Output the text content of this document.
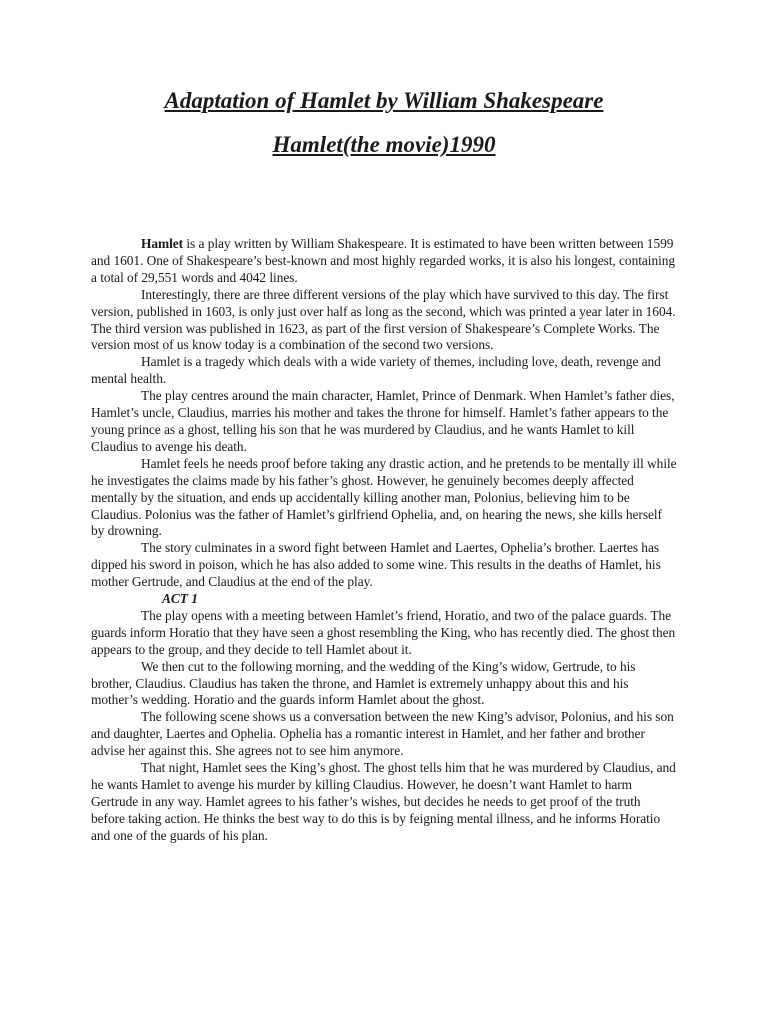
Adaptation of Hamlet by William Shakespeare
Hamlet(the movie)1990

Hamlet is a play written by William Shakespeare. It is estimated to have been written between 1599 and 1601. One of Shakespeare’s best-known and most highly regarded works, it is also his longest, containing a total of 29,551 words and 4042 lines.

Interestingly, there are three different versions of the play which have survived to this day. The first version, published in 1603, is only just over half as long as the second, which was printed a year later in 1604. The third version was published in 1623, as part of the first version of Shakespeare’s Complete Works. The version most of us know today is a combination of the second two versions.

Hamlet is a tragedy which deals with a wide variety of themes, including love, death, revenge and mental health.

The play centres around the main character, Hamlet, Prince of Denmark. When Hamlet’s father dies, Hamlet’s uncle, Claudius, marries his mother and takes the throne for himself. Hamlet’s father appears to the young prince as a ghost, telling his son that he was murdered by Claudius, and he wants Hamlet to kill Claudius to avenge his death.

Hamlet feels he needs proof before taking any drastic action, and he pretends to be mentally ill while he investigates the claims made by his father’s ghost. However, he genuinely becomes deeply affected mentally by the situation, and ends up accidentally killing another man, Polonius, believing him to be Claudius. Polonius was the father of Hamlet’s girlfriend Ophelia, and, on hearing the news, she kills herself by drowning.

The story culminates in a sword fight between Hamlet and Laertes, Ophelia’s brother. Laertes has dipped his sword in poison, which he has also added to some wine. This results in the deaths of Hamlet, his mother Gertrude, and Claudius at the end of the play.

ACT 1

The play opens with a meeting between Hamlet’s friend, Horatio, and two of the palace guards. The guards inform Horatio that they have seen a ghost resembling the King, who has recently died. The ghost then appears to the group, and they decide to tell Hamlet about it.

We then cut to the following morning, and the wedding of the King’s widow, Gertrude, to his brother, Claudius. Claudius has taken the throne, and Hamlet is extremely unhappy about this and his mother’s wedding. Horatio and the guards inform Hamlet about the ghost.

The following scene shows us a conversation between the new King’s advisor, Polonius, and his son and daughter, Laertes and Ophelia. Ophelia has a romantic interest in Hamlet, and her father and brother advise her against this. She agrees not to see him anymore.

That night, Hamlet sees the King’s ghost. The ghost tells him that he was murdered by Claudius, and he wants Hamlet to avenge his murder by killing Claudius. However, he doesn’t want Hamlet to harm Gertrude in any way. Hamlet agrees to his father’s wishes, but decides he needs to get proof of the truth before taking action. He thinks the best way to do this is by feigning mental illness, and he informs Horatio and one of the guards of his plan.
